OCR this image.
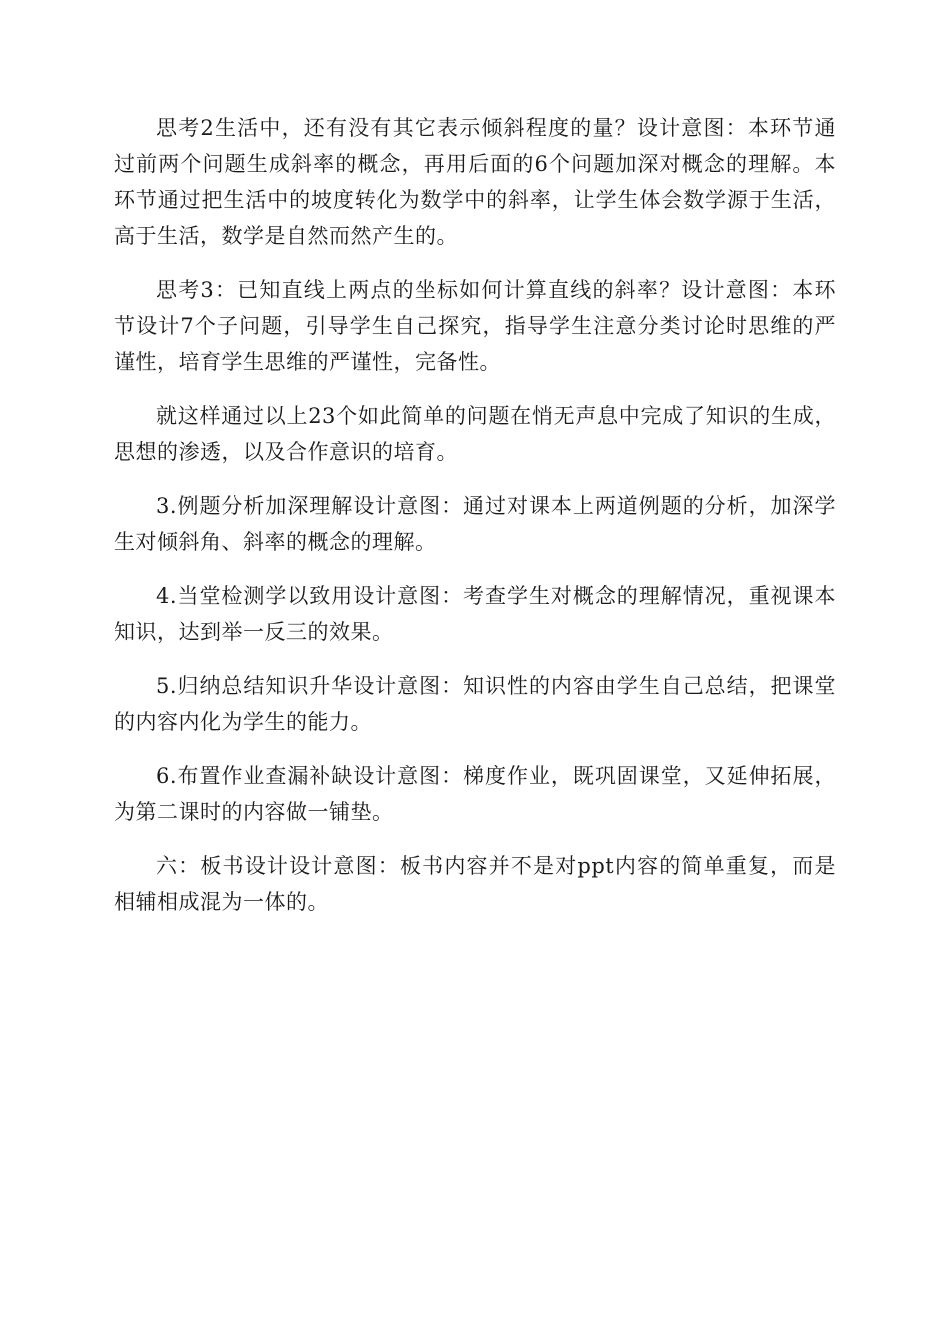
思考2生活中，还有没有其它表示倾斜程度的量？设计意图：本环节通过前两个问题生成斜率的概念，再用后面的6个问题加深对概念的理解。本环节通过把生活中的坡度转化为数学中的斜率，让学生体会数学源于生活，高于生活，数学是自然而然产生的。

思考3：已知直线上两点的坐标如何计算直线的斜率？设计意图：本环节设计7个子问题，引导学生自己探究，指导学生注意分类讨论时思维的严谨性，培育学生思维的严谨性，完备性。

就这样通过以上23个如此简单的问题在悄无声息中完成了知识的生成，思想的渗透，以及合作意识的培育。

3.例题分析加深理解设计意图：通过对课本上两道例题的分析，加深学生对倾斜角、斜率的概念的理解。

4.当堂检测学以致用设计意图：考查学生对概念的理解情况，重视课本知识，达到举一反三的效果。

5.归纳总结知识升华设计意图：知识性的内容由学生自己总结，把课堂的内容内化为学生的能力。

6.布置作业查漏补缺设计意图：梯度作业，既巩固课堂，又延伸拓展，为第二课时的内容做一铺垫。

六：板书设计设计意图：板书内容并不是对ppt内容的简单重复，而是相辅相成混为一体的。
